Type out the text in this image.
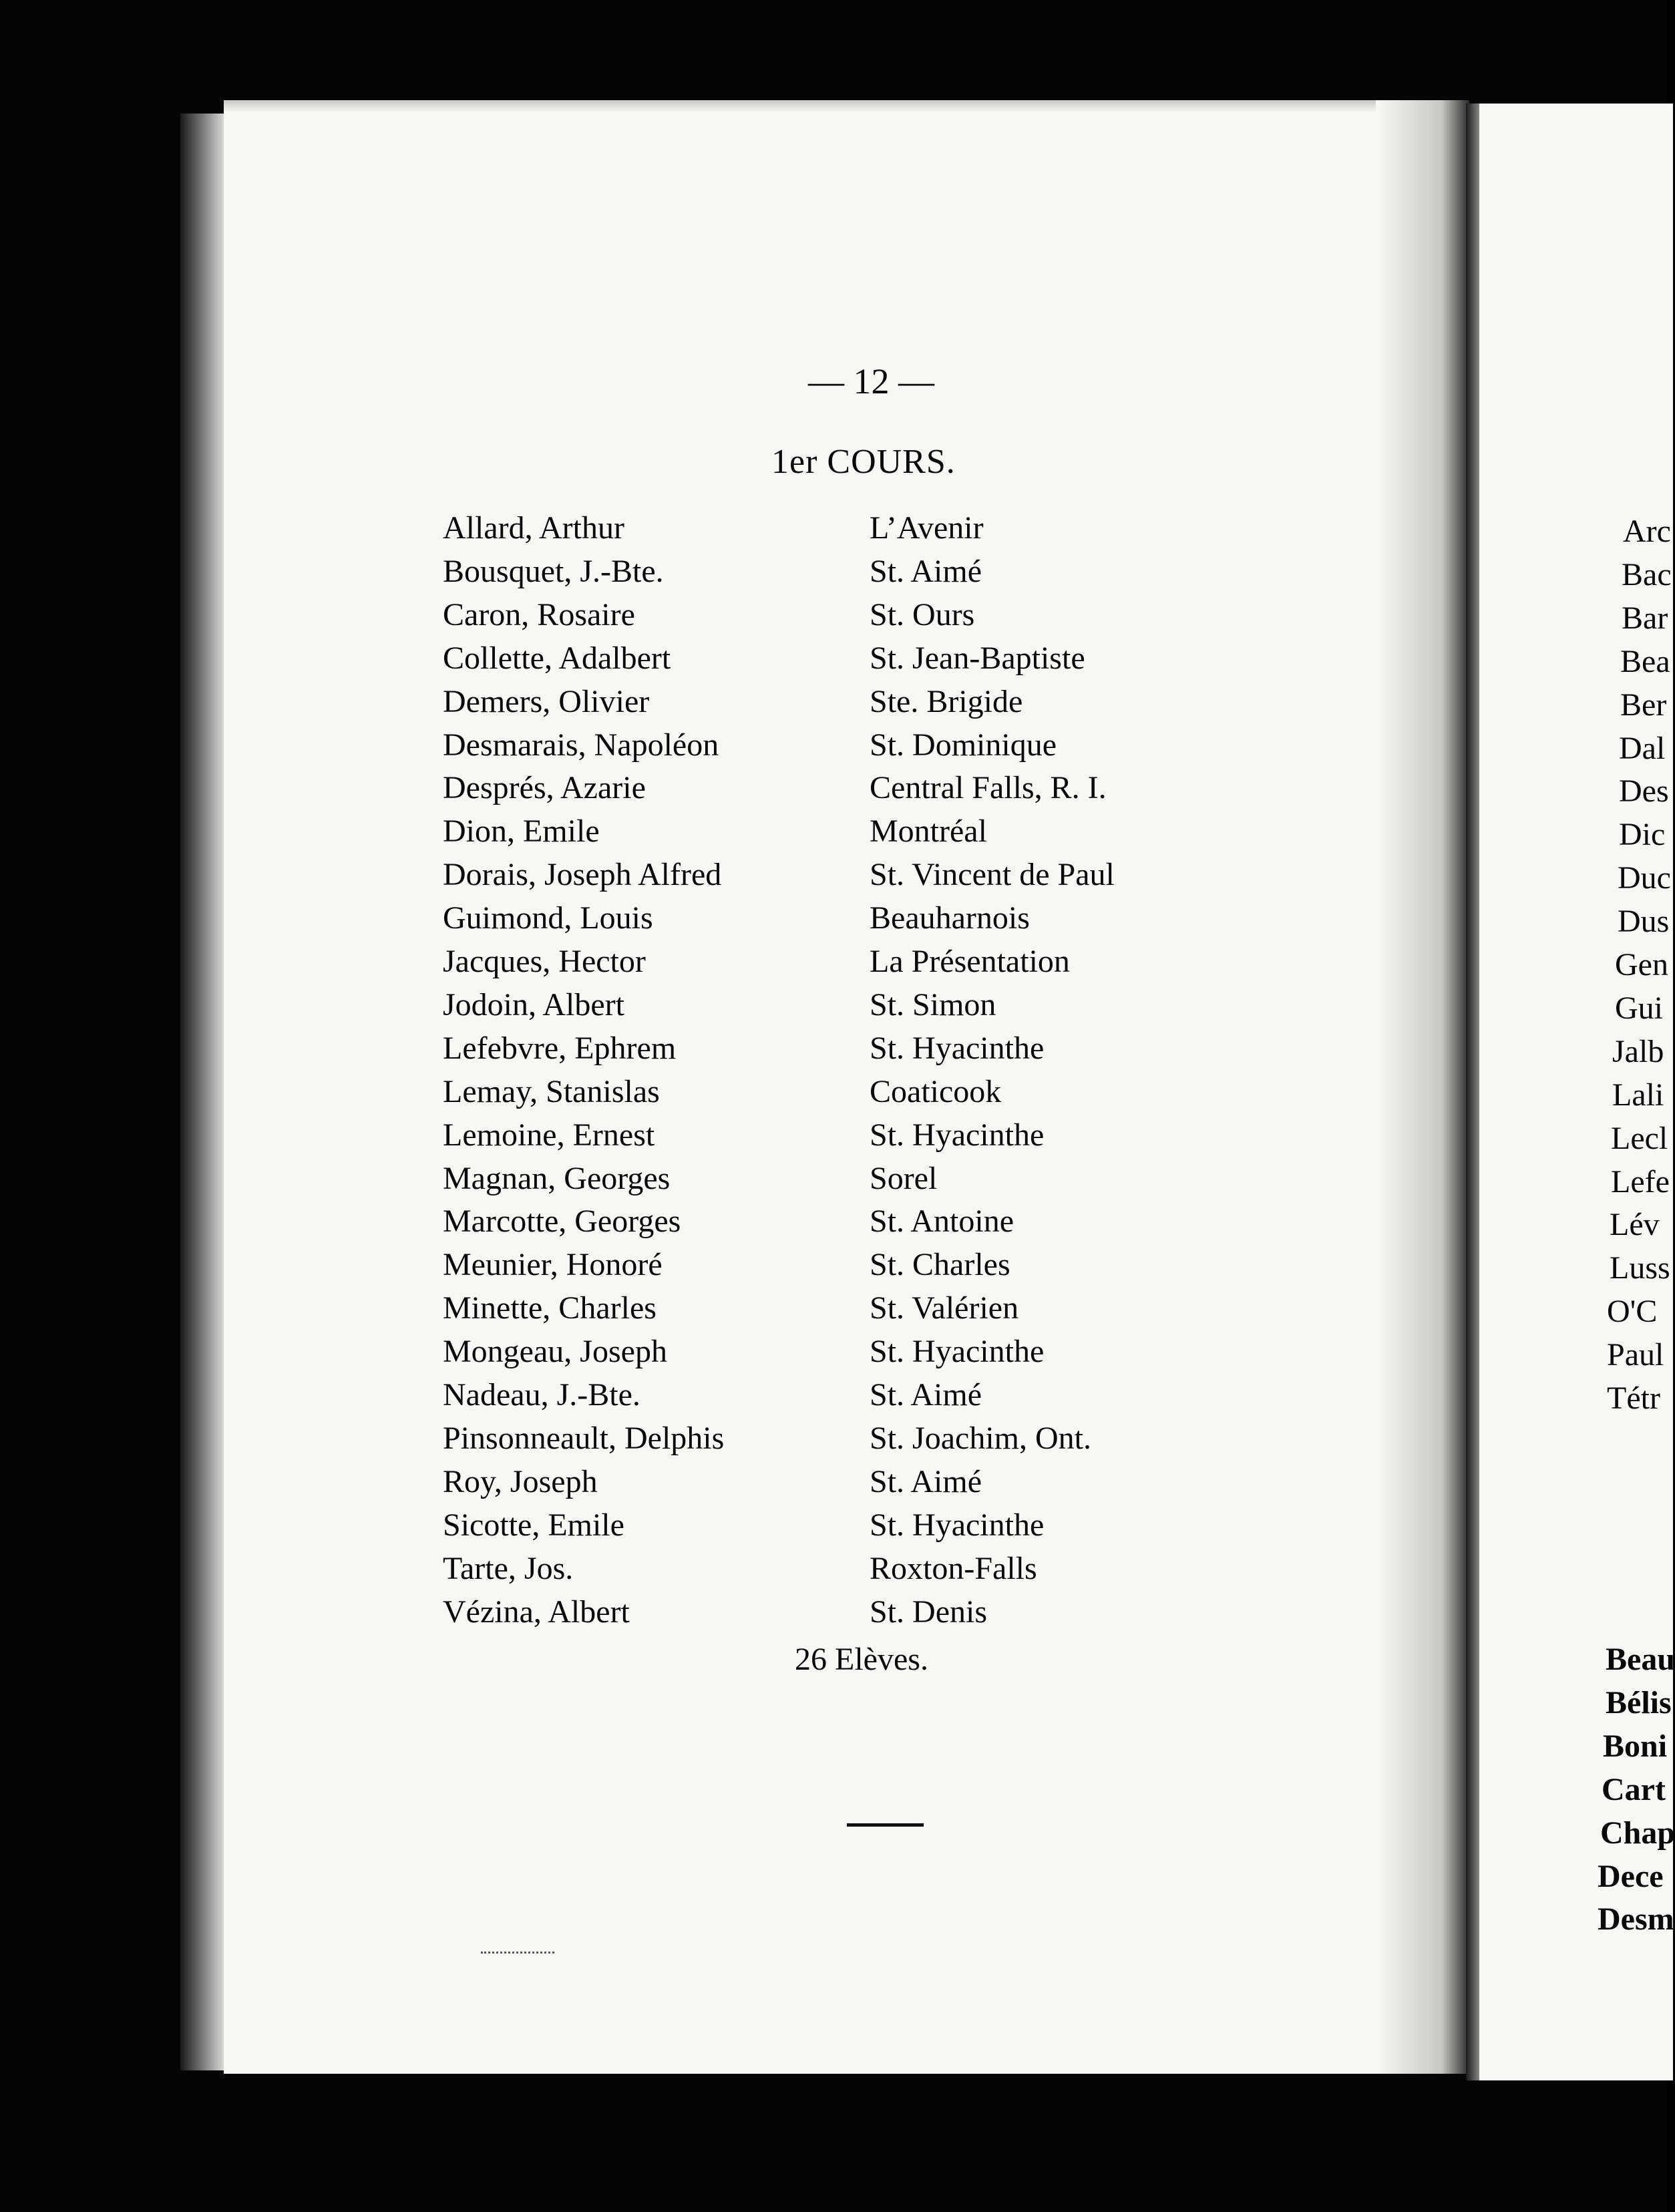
— 12 —
1er COURS.
Allard, Arthur	L’Avenir
Bousquet, J.-Bte.	St. Aimé
Caron, Rosaire	St. Ours
Collette, Adalbert	St. Jean-Baptiste
Demers, Olivier	Ste. Brigide
Desmarais, Napoléon	St. Dominique
Després, Azarie	Central Falls, R. I.
Dion, Emile	Montréal
Dorais, Joseph Alfred	St. Vincent de Paul
Guimond, Louis	Beauharnois
Jacques, Hector	La Présentation
Jodoin, Albert	St. Simon
Lefebvre, Ephrem	St. Hyacinthe
Lemay, Stanislas	Coaticook
Lemoine, Ernest	St. Hyacinthe
Magnan, Georges	Sorel
Marcotte, Georges	St. Antoine
Meunier, Honoré	St. Charles
Minette, Charles	St. Valérien
Mongeau, Joseph	St. Hyacinthe
Nadeau, J.-Bte.	St. Aimé
Pinsonneault, Delphis	St. Joachim, Ont.
Roy, Joseph	St. Aimé
Sicotte, Emile	St. Hyacinthe
Tarte, Jos.	Roxton-Falls
Vézina, Albert	St. Denis
26 Elèves.
Arc
Bac
Bar
Bea
Ber
Dal
Des
Dic
Duc
Dus
Gen
Gui
Jalb
Lali
Lecl
Lefe
Lév
Luss
O'C
Paul
Tétr
Beau
Bélis
Boni
Cart
Chap
Dece
Desm
